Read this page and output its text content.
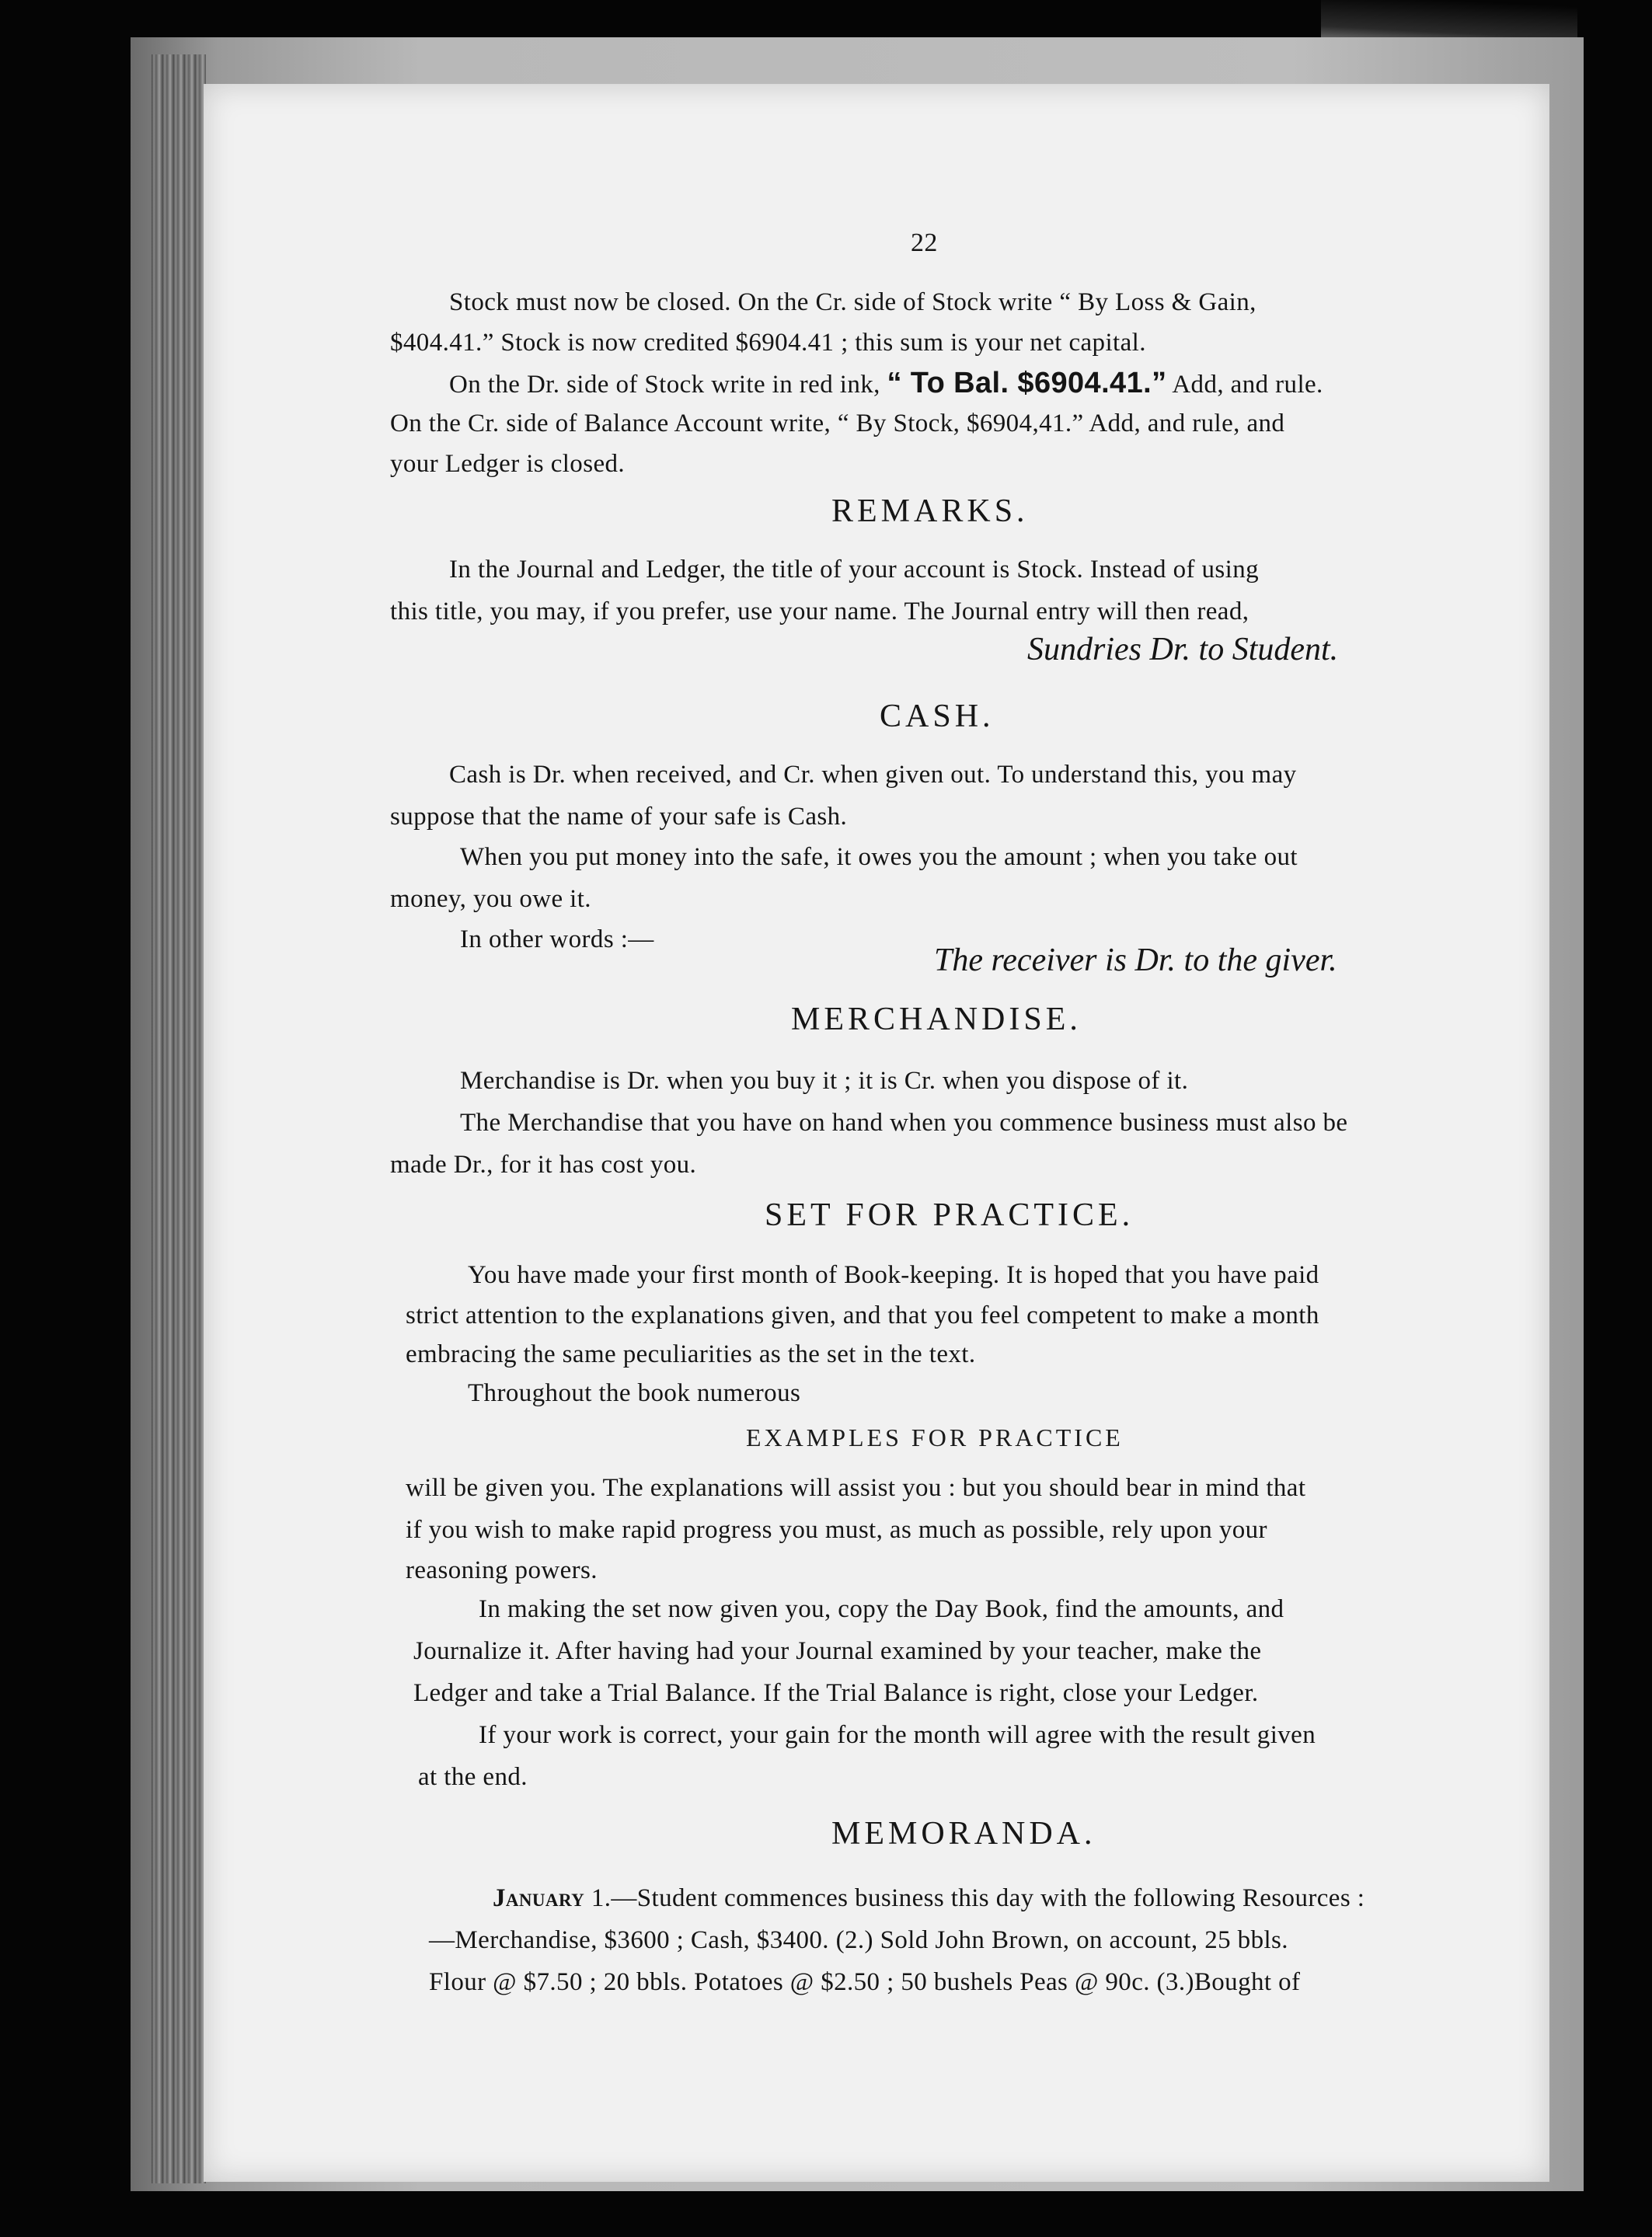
22
Stock must now be closed. On the Cr. side of Stock write “ By Loss & Gain,
$404.41.” Stock is now credited $6904.41 ; this sum is your net capital.
On the Dr. side of Stock write in red ink, “ To Bal. $6904.41.” Add, and rule.
On the Cr. side of Balance Account write, “ By Stock, $6904,41.” Add, and rule, and
your Ledger is closed.
REMARKS.
In the Journal and Ledger, the title of your account is Stock. Instead of using
this title, you may, if you prefer, use your name. The Journal entry will then read,
Sundries Dr. to Student.
CASH.
Cash is Dr. when received, and Cr. when given out. To understand this, you may
suppose that the name of your safe is Cash.
When you put money into the safe, it owes you the amount ; when you take out
money, you owe it.
In other words :—
The receiver is Dr. to the giver.
MERCHANDISE.
Merchandise is Dr. when you buy it ; it is Cr. when you dispose of it.
The Merchandise that you have on hand when you commence business must also be
made Dr., for it has cost you.
SET FOR PRACTICE.
You have made your first month of Book-keeping. It is hoped that you have paid
strict attention to the explanations given, and that you feel competent to make a month
embracing the same peculiarities as the set in the text.
Throughout the book numerous
EXAMPLES FOR PRACTICE
will be given you. The explanations will assist you : but you should bear in mind that
if you wish to make rapid progress you must, as much as possible, rely upon your
reasoning powers.
In making the set now given you, copy the Day Book, find the amounts, and
Journalize it. After having had your Journal examined by your teacher, make the
Ledger and take a Trial Balance. If the Trial Balance is right, close your Ledger.
If your work is correct, your gain for the month will agree with the result given
at the end.
MEMORANDA.
January 1.—Student commences business this day with the following Resources :
—Merchandise, $3600 ; Cash, $3400. (2.) Sold John Brown, on account, 25 bbls.
Flour @ $7.50 ; 20 bbls. Potatoes @ $2.50 ; 50 bushels Peas @ 90c. (3.)Bought of
